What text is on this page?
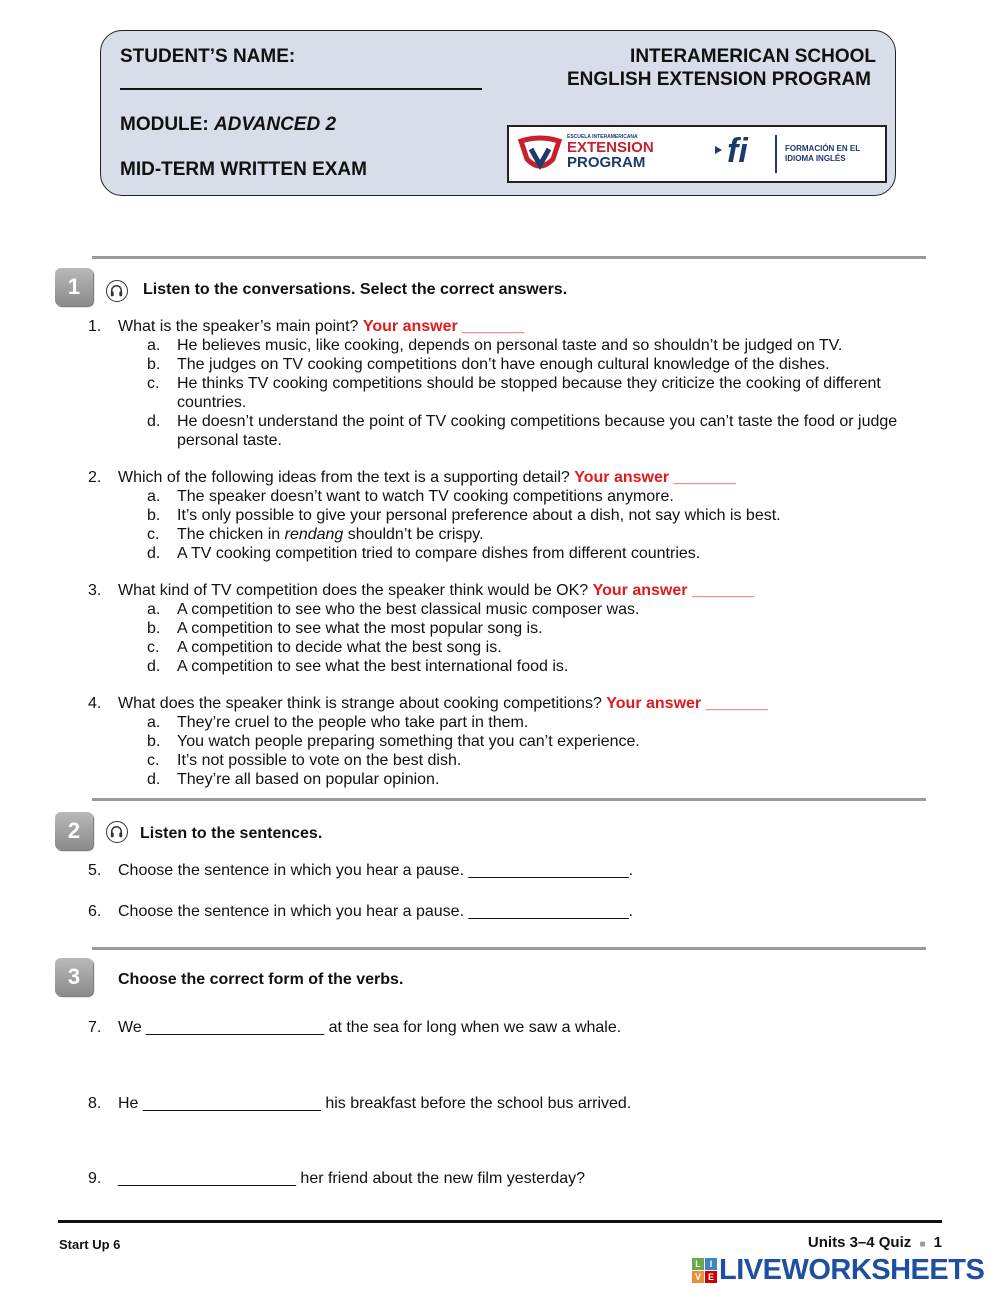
STUDENT’S NAME:
MODULE: ADVANCED 2
MID-TERM WRITTEN EXAM
INTERAMERICAN SCHOOL
ENGLISH EXTENSION PROGRAM
ESCUELA INTERAMERICANA
EXTENSION
PROGRAM fi	FORMACIÓN EN EL
IDIOMA INGLÉS
1	Listen to the conversations. Select the correct answers.
1. What is the speaker’s main point? Your answer _______
a. He believes music, like cooking, depends on personal taste and so shouldn’t be judged on TV.
b. The judges on TV cooking competitions don’t have enough cultural knowledge of the dishes.
c. He thinks TV cooking competitions should be stopped because they criticize the cooking of different countries.
d. He doesn’t understand the point of TV cooking competitions because you can’t taste the food or judge personal taste.
2. Which of the following ideas from the text is a supporting detail? Your answer _______
a. The speaker doesn’t want to watch TV cooking competitions anymore.
b. It’s only possible to give your personal preference about a dish, not say which is best.
c. The chicken in rendang shouldn’t be crispy.
d. A TV cooking competition tried to compare dishes from different countries.
3. What kind of TV competition does the speaker think would be OK? Your answer _______
a. A competition to see who the best classical music composer was.
b. A competition to see what the most popular song is.
c. A competition to decide what the best song is.
d. A competition to see what the best international food is.
4. What does the speaker think is strange about cooking competitions? Your answer _______
a. They’re cruel to the people who take part in them.
b. You watch people preparing something that you can’t experience.
c. It’s not possible to vote on the best dish.
d. They’re all based on popular opinion.
2	Listen to the sentences.
5. Choose the sentence in which you hear a pause. __________________.
6. Choose the sentence in which you hear a pause. __________________.
3	Choose the correct form of the verbs.
7. We ____________________ at the sea for long when we saw a whale.
8. He ____________________ his breakfast before the school bus arrived.
9. ____________________ her friend about the new film yesterday?
Start Up 6	Units 3–4 Quiz ■ 1
L I
V E LIVEWORKSHEETS
